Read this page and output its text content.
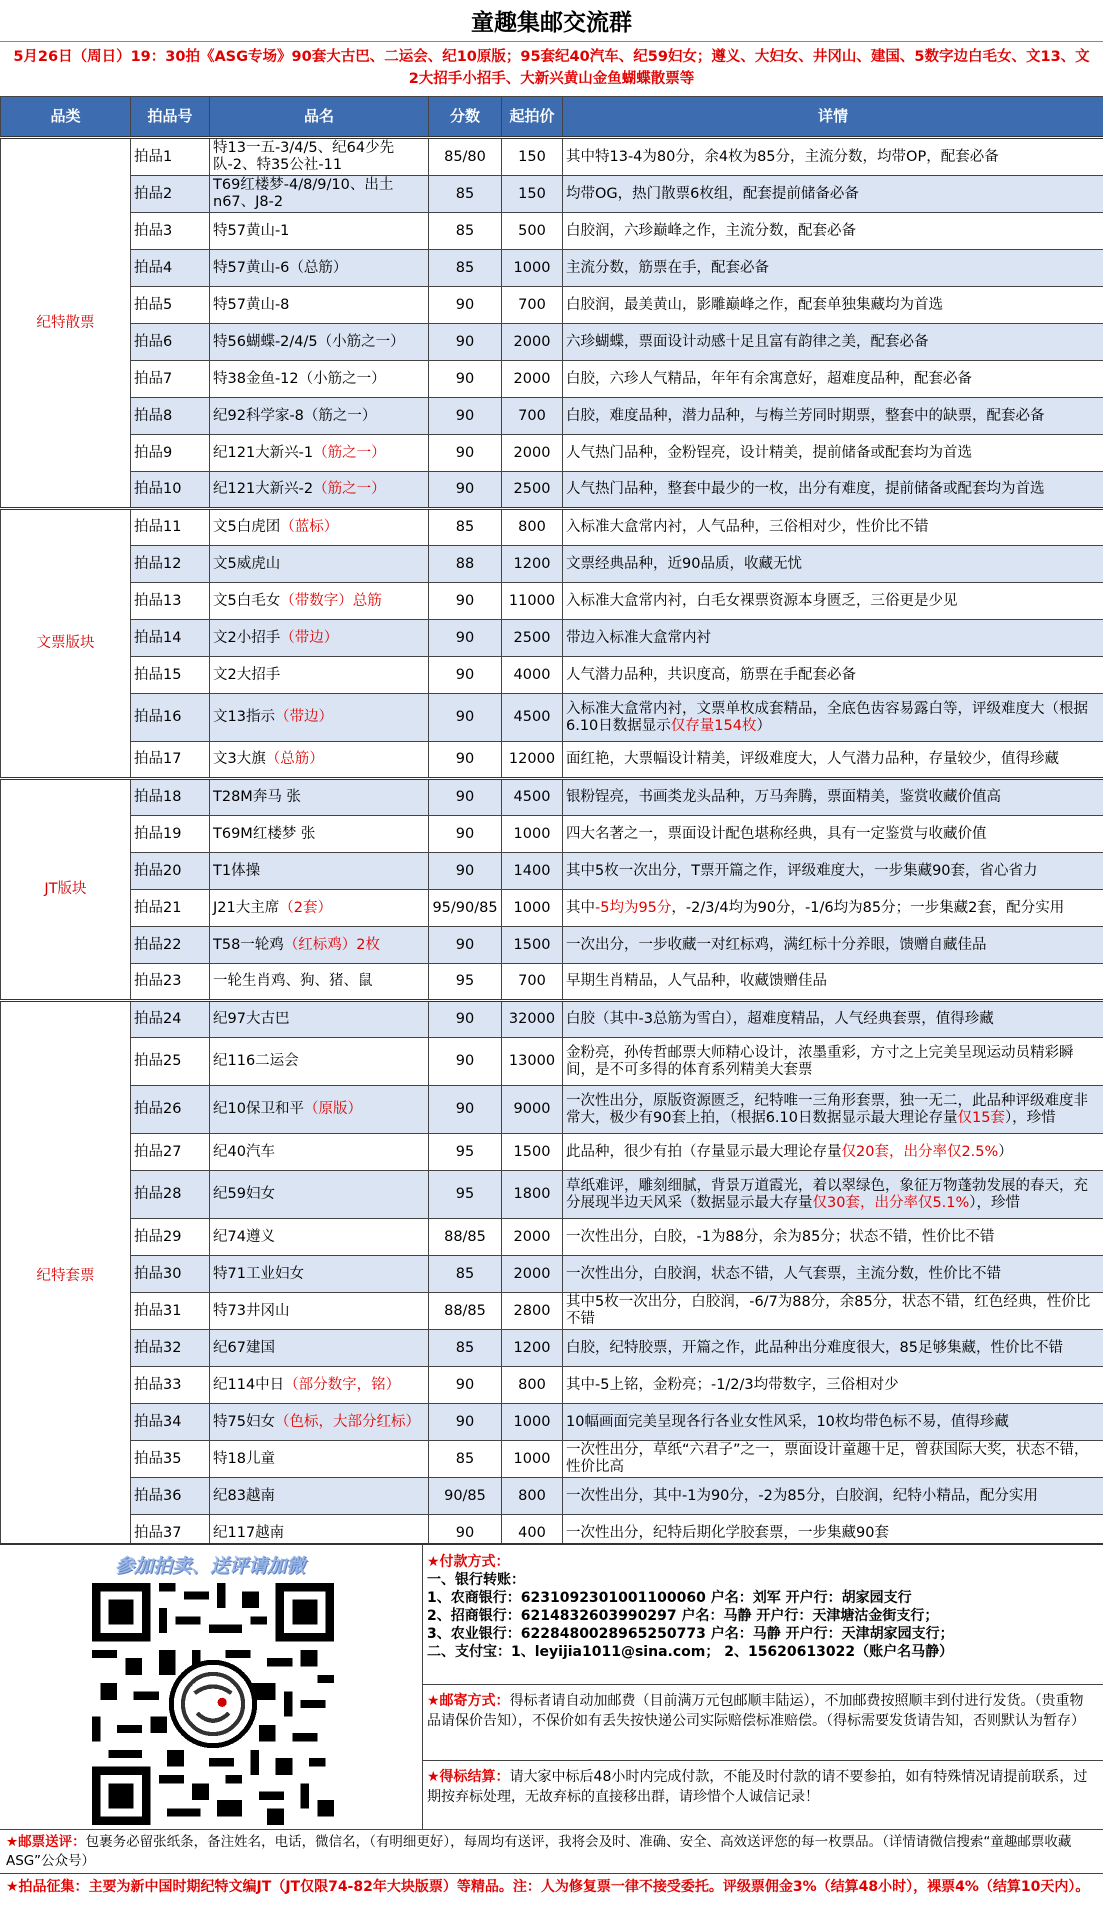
童趣集邮交流群
5月26日（周日）19：30拍《ASG专场》90套大古巴、二运会、纪10原版；95套纪40汽车、纪59妇女；遵义、大妇女、井冈山、建国、5数字边白毛女、文13、文2大招手小招手、大新兴黄山金鱼蝴蝶散票等
品类	拍品号	品名	分数	起拍价	详情
纪特散票	拍品1	特13一五-3/4/5、纪64少先队-2、特35公社-11	85/80	150	其中特13-4为80分，余4枚为85分，主流分数，均带OP，配套必备
	拍品2	T69红楼梦-4/8/9/10、出土n67、J8-2	85	150	均带OG，热门散票6枚组，配套提前储备必备
	拍品3	特57黄山-1	85	500	白胶润，六珍巅峰之作，主流分数，配套必备
	拍品4	特57黄山-6（总筋）	85	1000	主流分数，筋票在手，配套必备
	拍品5	特57黄山-8	90	700	白胶润，最美黄山，影雕巅峰之作，配套单独集藏均为首选
	拍品6	特56蝴蝶-2/4/5（小筋之一）	90	2000	六珍蝴蝶，票面设计动感十足且富有韵律之美，配套必备
	拍品7	特38金鱼-12（小筋之一）	90	2000	白胶，六珍人气精品，年年有余寓意好，超难度品种，配套必备
	拍品8	纪92科学家-8（筋之一）	90	700	白胶，难度品种，潜力品种，与梅兰芳同时期票，整套中的缺票，配套必备
	拍品9	纪121大新兴-1（筋之一）	90	2000	人气热门品种，金粉锃亮，设计精美，提前储备或配套均为首选
	拍品10	纪121大新兴-2（筋之一）	90	2500	人气热门品种，整套中最少的一枚，出分有难度，提前储备或配套均为首选
文票版块	拍品11	文5白虎团（蓝标）	85	800	入标准大盒常内衬，人气品种，三俗相对少，性价比不错
	拍品12	文5威虎山	88	1200	文票经典品种，近90品质，收藏无忧
	拍品13	文5白毛女（带数字）总筋	90	11000	入标准大盒常内衬，白毛女裸票资源本身匮乏，三俗更是少见
	拍品14	文2小招手（带边）	90	2500	带边入标准大盒常内衬
	拍品15	文2大招手	90	4000	人气潜力品种，共识度高，筋票在手配套必备
	拍品16	文13指示（带边）	90	4500	入标准大盒常内衬，文票单枚成套精品，全底色齿容易露白等，评级难度大（根据6.10日数据显示仅存量154枚）
	拍品17	文3大旗（总筋）	90	12000	面红艳，大票幅设计精美，评级难度大，人气潜力品种，存量较少，值得珍藏
JT版块	拍品18	T28M奔马 张	90	4500	银粉锃亮，书画类龙头品种，万马奔腾，票面精美，鉴赏收藏价值高
	拍品19	T69M红楼梦 张	90	1000	四大名著之一，票面设计配色堪称经典，具有一定鉴赏与收藏价值
	拍品20	T1体操	90	1400	其中5枚一次出分，T票开篇之作，评级难度大，一步集藏90套，省心省力
	拍品21	J21大主席（2套）	95/90/85	1000	其中-5均为95分，-2/3/4均为90分，-1/6均为85分；一步集藏2套，配分实用
	拍品22	T58一轮鸡（红标鸡）2枚	90	1500	一次出分，一步收藏一对红标鸡，满红标十分养眼，馈赠自藏佳品
	拍品23	一轮生肖鸡、狗、猪、鼠	95	700	早期生肖精品，人气品种，收藏馈赠佳品
纪特套票	拍品24	纪97大古巴	90	32000	白胶（其中-3总筋为雪白），超难度精品，人气经典套票，值得珍藏
	拍品25	纪116二运会	90	13000	金粉亮，孙传哲邮票大师精心设计，浓墨重彩，方寸之上完美呈现运动员精彩瞬间，是不可多得的体育系列精美大套票
	拍品26	纪10保卫和平（原版）	90	9000	一次性出分，原版资源匮乏，纪特唯一三角形套票，独一无二，此品种评级难度非常大，极少有90套上拍，（根据6.10日数据显示最大理论存量仅15套），珍惜
	拍品27	纪40汽车	95	1500	此品种，很少有拍（存量显示最大理论存量仅20套，出分率仅2.5%）
	拍品28	纪59妇女	95	1800	草纸难评，雕刻细腻，背景万道霞光，着以翠绿色，象征万物蓬勃发展的春天，充分展现半边天风采（数据显示最大存量仅30套，出分率仅5.1%），珍惜
	拍品29	纪74遵义	88/85	2000	一次性出分，白胶，-1为88分，余为85分；状态不错，性价比不错
	拍品30	特71工业妇女	85	2000	一次性出分，白胶润，状态不错，人气套票，主流分数，性价比不错
	拍品31	特73井冈山	88/85	2800	其中5枚一次出分，白胶润，-6/7为88分，余85分，状态不错，红色经典，性价比不错
	拍品32	纪67建国	85	1200	白胶，纪特胶票，开篇之作，此品种出分难度很大，85足够集藏，性价比不错
	拍品33	纪114中日（部分数字，铭）	90	800	其中-5上铭，金粉亮；-1/2/3均带数字，三俗相对少
	拍品34	特75妇女（色标，大部分红标）	90	1000	10幅画面完美呈现各行各业女性风采，10枚均带色标不易，值得珍藏
	拍品35	特18儿童	85	1000	一次性出分，草纸“六君子”之一，票面设计童趣十足，曾获国际大奖，状态不错，性价比高
	拍品36	纪83越南	90/85	800	一次性出分，其中-1为90分，-2为85分，白胶润，纪特小精品，配分实用
	拍品37	纪117越南	90	400	一次性出分，纪特后期化学胶套票，一步集藏90套
参加拍卖、送评请加微	★付款方式：
一、银行转账：
1、农商银行：6231092301001100060 户名：刘军 开户行：胡家园支行
2、招商银行：6214832603990297 户名：马静 开户行：天津塘沽金街支行；
3、农业银行：6228480028965250773 户名：马静 开户行：天津胡家园支行；
二、支付宝：1、leyijia1011@sina.com； 2、15620613022（账户名马静）
★邮寄方式：得标者请自动加邮费（目前满万元包邮顺丰陆运），不加邮费按照顺丰到付进行发货。（贵重物品请保价告知），不保价如有丢失按快递公司实际赔偿标准赔偿。（得标需要发货请告知，否则默认为暂存）
★得标结算：请大家中标后48小时内完成付款，不能及时付款的请不要参拍，如有特殊情况请提前联系，过期按弃标处理，无故弃标的直接移出群，请珍惜个人诚信记录！
★邮票送评：包裹务必留张纸条，备注姓名，电话，微信名，（有明细更好），每周均有送评，我将会及时、准确、安全、高效送评您的每一枚票品。（详情请微信搜索“童趣邮票收藏ASG”公众号）
★拍品征集：主要为新中国时期纪特文编JT（JT仅限74-82年大块版票）等精品。注：人为修复票一律不接受委托。评级票佣金3%（结算48小时），裸票4%（结算10天内）。
